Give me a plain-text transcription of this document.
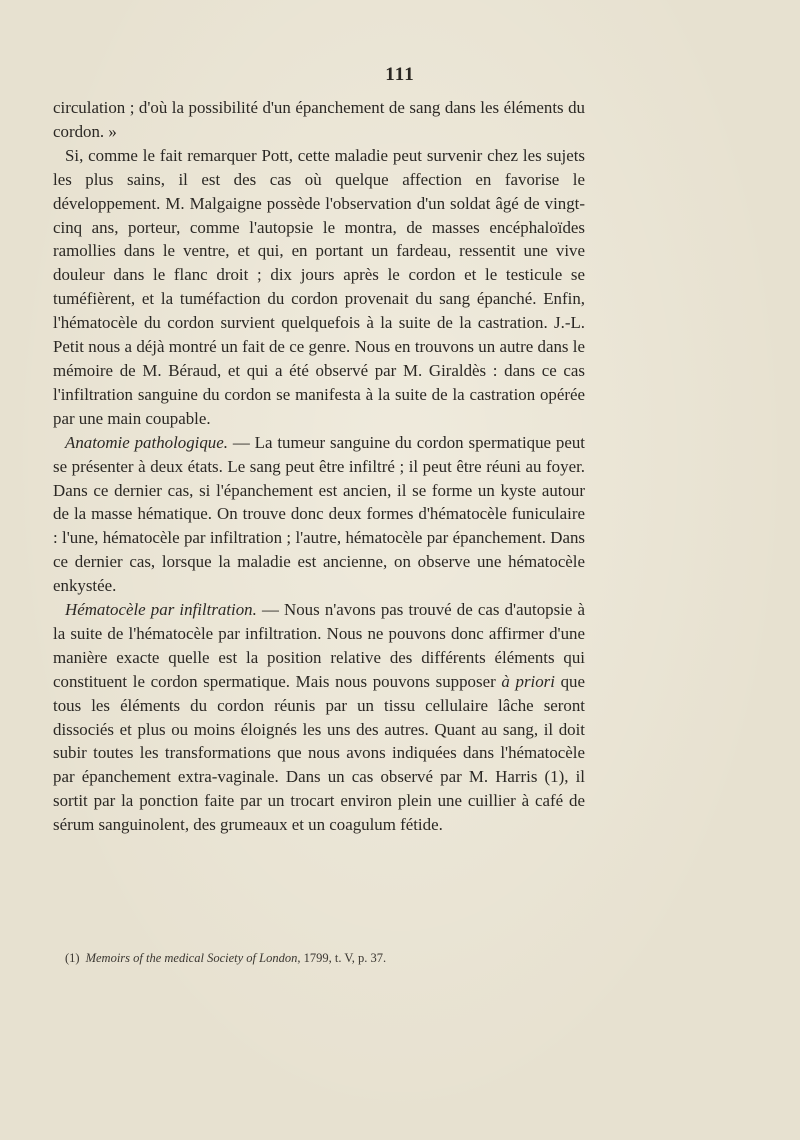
111

circulation ; d'où la possibilité d'un épanchement de sang dans les éléments du cordon. »

Si, comme le fait remarquer Pott, cette maladie peut survenir chez les sujets les plus sains, il est des cas où quelque affection en favorise le développement. M. Malgaigne possède l'observation d'un soldat âgé de vingt-cinq ans, porteur, comme l'autopsie le montra, de masses encéphaloïdes ramollies dans le ventre, et qui, en portant un fardeau, ressentit une vive douleur dans le flanc droit ; dix jours après le cordon et le testicule se tuméfièrent, et la tuméfaction du cordon provenait du sang épanché. Enfin, l'hématocèle du cordon survient quelquefois à la suite de la castration. J.-L. Petit nous a déjà montré un fait de ce genre. Nous en trouvons un autre dans le mémoire de M. Béraud, et qui a été observé par M. Giraldès : dans ce cas l'infiltration sanguine du cordon se manifesta à la suite de la castration opérée par une main coupable.

Anatomie pathologique. — La tumeur sanguine du cordon spermatique peut se présenter à deux états. Le sang peut être infiltré ; il peut être réuni au foyer. Dans ce dernier cas, si l'épanchement est ancien, il se forme un kyste autour de la masse hématique. On trouve donc deux formes d'hématocèle funiculaire : l'une, hématocèle par infiltration ; l'autre, hématocèle par épanchement. Dans ce dernier cas, lorsque la maladie est ancienne, on observe une hématocèle enkystée.

Hématocèle par infiltration. — Nous n'avons pas trouvé de cas d'autopsie à la suite de l'hématocèle par infiltration. Nous ne pouvons donc affirmer d'une manière exacte quelle est la position relative des différents éléments qui constituent le cordon spermatique. Mais nous pouvons supposer à priori que tous les éléments du cordon réunis par un tissu cellulaire lâche seront dissociés et plus ou moins éloignés les uns des autres. Quant au sang, il doit subir toutes les transformations que nous avons indiquées dans l'hématocèle par épanchement extra-vaginale. Dans un cas observé par M. Harris (1), il sortit par la ponction faite par un trocart environ plein une cuillier à café de sérum sanguinolent, des grumeaux et un coagulum fétide.

(1) Memoirs of the medical Society of London, 1799, t. V, p. 37.
